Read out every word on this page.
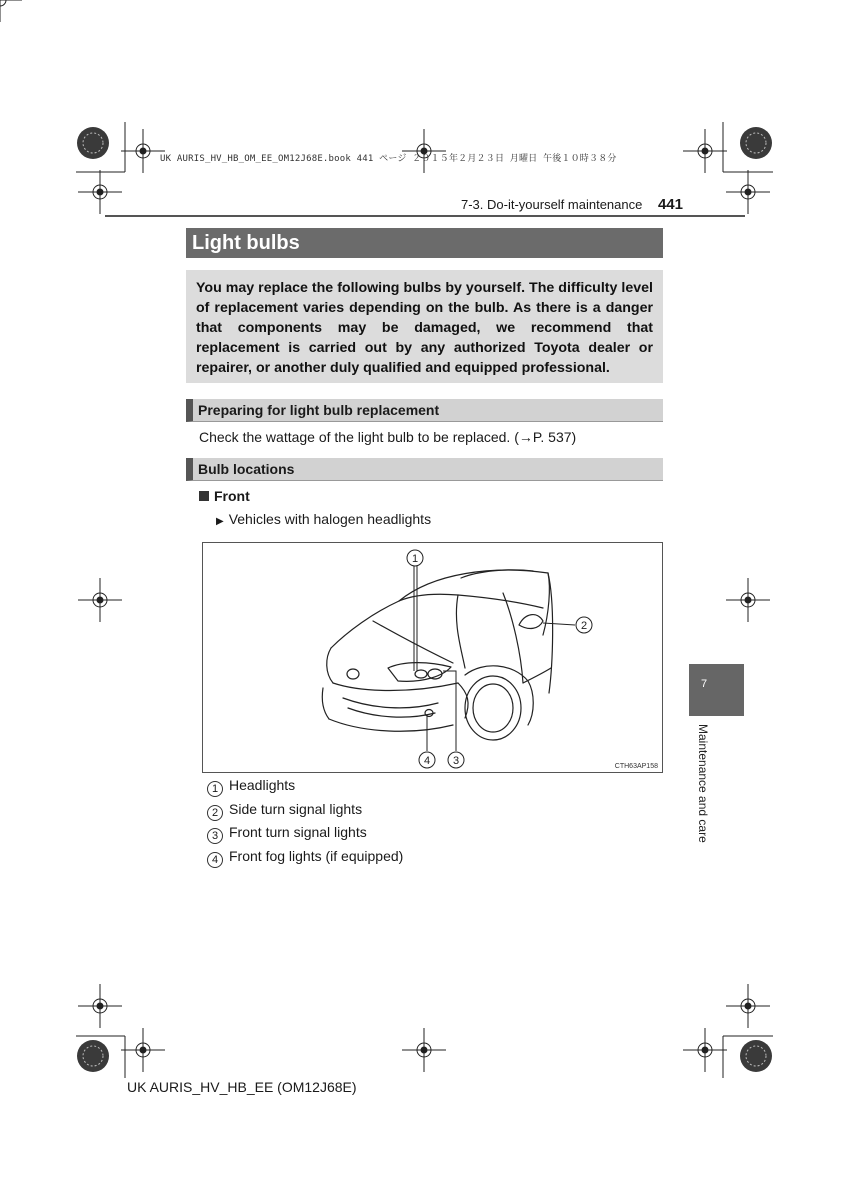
UK AURIS_HV_HB_OM_EE_OM12J68E.book 441 ページ ２０１５年２月２３日 月曜日 午後１０時３８分
7-3. Do-it-yourself maintenance 441
Light bulbs
You may replace the following bulbs by yourself. The difficulty level of replacement varies depending on the bulb. As there is a danger that components may be damaged, we recommend that replacement is carried out by any authorized Toyota dealer or repairer, or another duly qualified and equipped professional.
Preparing for light bulb replacement
Check the wattage of the light bulb to be replaced. (→P. 537)
Bulb locations
Front
▶ Vehicles with halogen headlights
1
2
3
4	CTH63AP158
1 Headlights
2 Side turn signal lights
3 Front turn signal lights
4 Front fog lights (if equipped)
7
Maintenance and care
UK AURIS_HV_HB_EE (OM12J68E)
